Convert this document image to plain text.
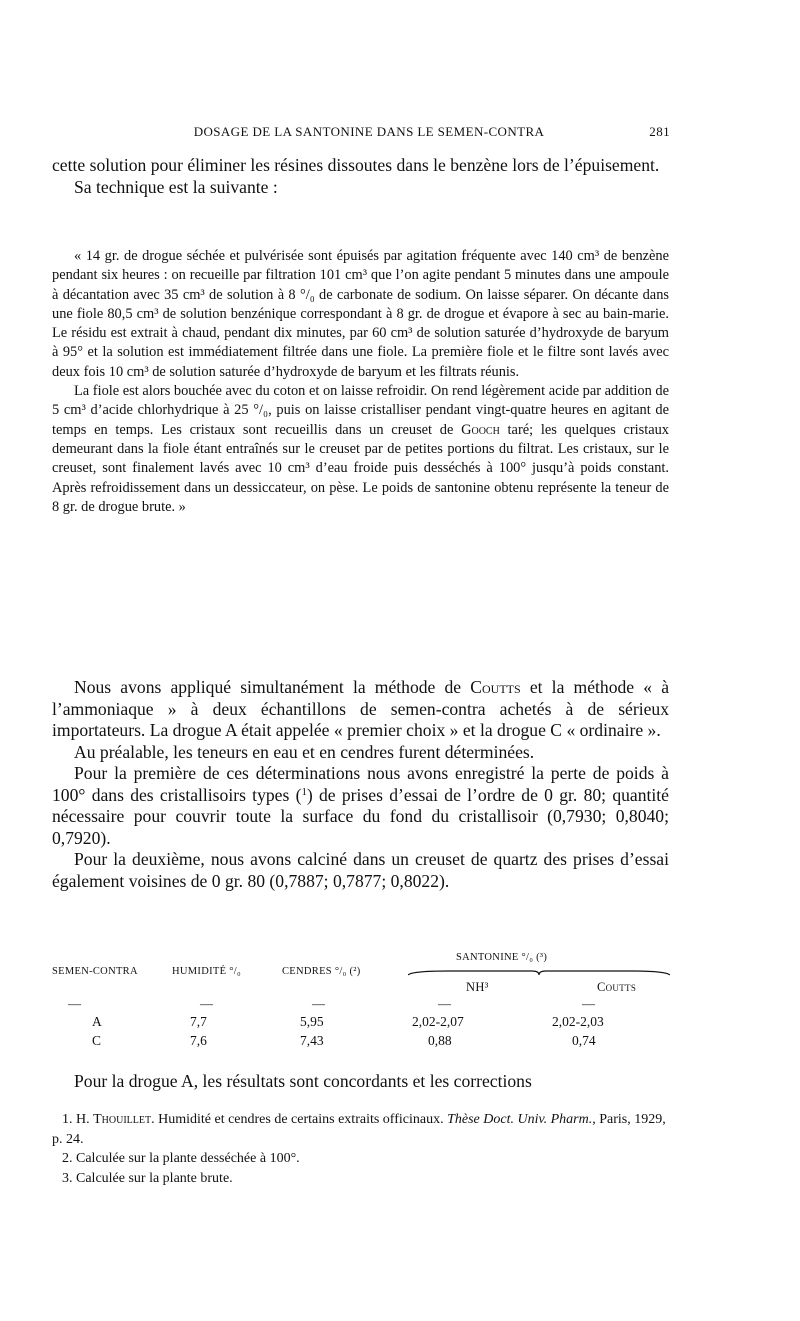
DOSAGE DE LA SANTONINE DANS LE SEMEN-CONTRA	281

cette solution pour éliminer les résines dissoutes dans le benzène lors de l’épuisement.

Sa technique est la suivante :

« 14 gr. de drogue séchée et pulvérisée sont épuisés par agitation fréquente avec 140 cm³ de benzène pendant six heures : on recueille par filtration 101 cm³ que l’on agite pendant 5 minutes dans une ampoule à décantation avec 35 cm³ de solution à 8 °/₀ de carbonate de sodium. On laisse séparer. On décante dans une fiole 80,5 cm³ de solution benzénique correspondant à 8 gr. de drogue et évapore à sec au bain-marie. Le résidu est extrait à chaud, pendant dix minutes, par 60 cm³ de solution saturée d’hydroxyde de baryum à 95° et la solution est immédiatement filtrée dans une fiole. La première fiole et le filtre sont lavés avec deux fois 10 cm³ de solution saturée d’hydroxyde de baryum et les filtrats réunis.

La fiole est alors bouchée avec du coton et on laisse refroidir. On rend légèrement acide par addition de 5 cm³ d’acide chlorhydrique à 25 °/₀, puis on laisse cristalliser pendant vingt-quatre heures en agitant de temps en temps. Les cristaux sont recueillis dans un creuset de Gooch taré; les quelques cristaux demeurant dans la fiole étant entraînés sur le creuset par de petites portions du filtrat. Les cristaux, sur le creuset, sont finalement lavés avec 10 cm³ d’eau froide puis desséchés à 100° jusqu’à poids constant. Après refroidissement dans un dessiccateur, on pèse. Le poids de santonine obtenu représente la teneur de 8 gr. de drogue brute. »

Nous avons appliqué simultanément la méthode de Coutts et la méthode « à l’ammoniaque » à deux échantillons de semen-contra achetés à de sérieux importateurs. La drogue A était appelée « premier choix » et la drogue C « ordinaire ».

Au préalable, les teneurs en eau et en cendres furent déterminées.

Pour la première de ces déterminations nous avons enregistré la perte de poids à 100° dans des cristallisoirs types ($^1$) de prises d’essai de l’ordre de 0 gr. 80; quantité nécessaire pour couvrir toute la surface du fond du cristallisoir (0,7930; 0,8040; 0,7920).

Pour la deuxième, nous avons calciné dans un creuset de quartz des prises d’essai également voisines de 0 gr. 80 (0,7887; 0,7877; 0,8022).

SEMEN-CONTRA	HUMIDITÉ °/₀	CENDRES °/₀ (²)
SANTONINE °/₀ (³)
NH³	Coutts
—	—	—	—	—
A	7,7	5,95	2,02-2,07	2,02-2,03
C	7,6	7,43	0,88	0,74

Pour la drogue A, les résultats sont concordants et les corrections

1. H. Thouillet. Humidité et cendres de certains extraits officinaux. Thèse Doct. Univ. Pharm., Paris, 1929, p. 24.

2. Calculée sur la plante desséchée à 100°.

3. Calculée sur la plante brute.
